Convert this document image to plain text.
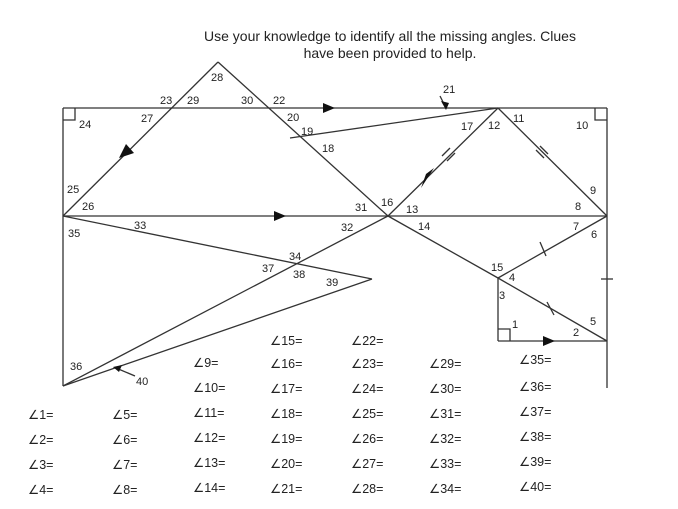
Use your knowledge to identify all the missing angles. Clues have been provided to help.
1
2
3
4
5
6
7
8
9
10
11
12
13
14
15
16
17
18
19
20
21
22
23
24
25
26
27
28
29	30
31
32
33
34
35
36
37 38
39
40
∠1=
∠2=
∠3=
∠4=
∠5=
∠6=
∠7=
∠8=
∠9=
∠10=
∠11=
∠12=
∠13=
∠14=
∠15=
∠16=
∠17=
∠18=
∠19=
∠20=
∠21=
∠22=
∠23=
∠24=
∠25=
∠26=
∠27=
∠28=
∠29=
∠30=
∠31=
∠32=
∠33=
∠34=
∠35=
∠36=
∠37=
∠38=
∠39=
∠40=
